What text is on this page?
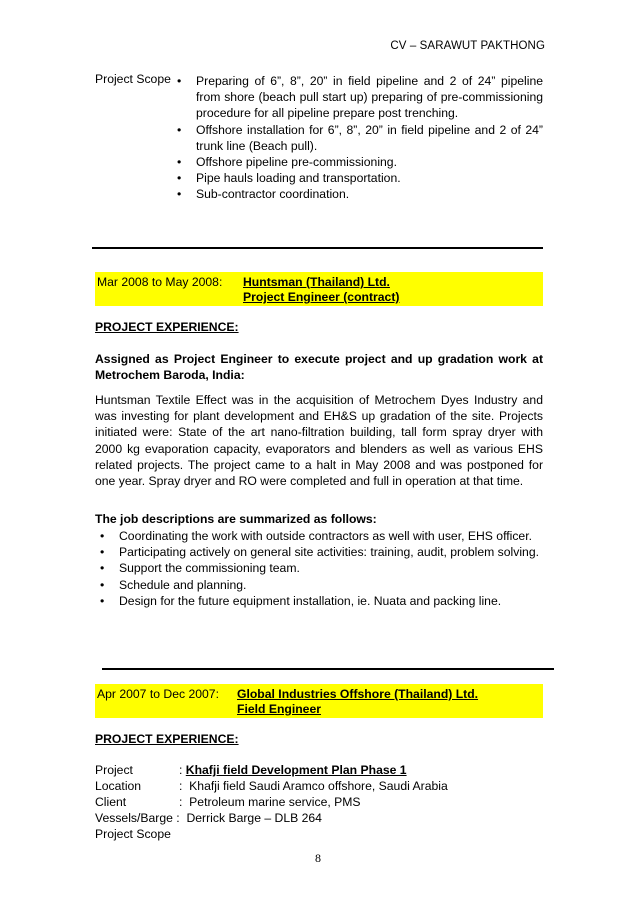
CV – SARAWUT PAKTHONG
Project Scope
•	Preparing of 6”, 8”, 20” in field pipeline and 2 of 24” pipeline from shore (beach pull start up) preparing of pre-commissioning procedure for all pipeline prepare post trenching.
• Offshore installation for 6”, 8”, 20” in field pipeline and 2 of 24” trunk line (Beach pull).
• Offshore pipeline pre-commissioning.
• Pipe hauls loading and transportation.
• Sub-contractor coordination.
Mar 2008 to May 2008: Huntsman (Thailand) Ltd.
Project Engineer (contract)
PROJECT EXPERIENCE:
Assigned as Project Engineer to execute project and up gradation work at Metrochem Baroda, India:
Huntsman Textile Effect was in the acquisition of Metrochem Dyes Industry and was investing for plant development and EH&S up gradation of the site. Projects initiated were: State of the art nano-filtration building, tall form spray dryer with 2000 kg evaporation capacity, evaporators and blenders as well as various EHS related projects. The project came to a halt in May 2008 and was postponed for one year. Spray dryer and RO were completed and full in operation at that time.
The job descriptions are summarized as follows:
• Coordinating the work with outside contractors as well with user, EHS officer.
• Participating actively on general site activities: training, audit, problem solving.
• Support the commissioning team.
• Schedule and planning.
• Design for the future equipment installation, ie. Nuata and packing line.
Apr 2007 to Dec 2007: Global Industries Offshore (Thailand) Ltd.
Field Engineer
PROJECT EXPERIENCE:
Project	: Khafji field Development Plan Phase 1
Location	:  Khafji field Saudi Aramco offshore, Saudi Arabia
Client	:  Petroleum marine service, PMS
Vessels/Barge :  Derrick Barge – DLB 264
Project Scope
8
